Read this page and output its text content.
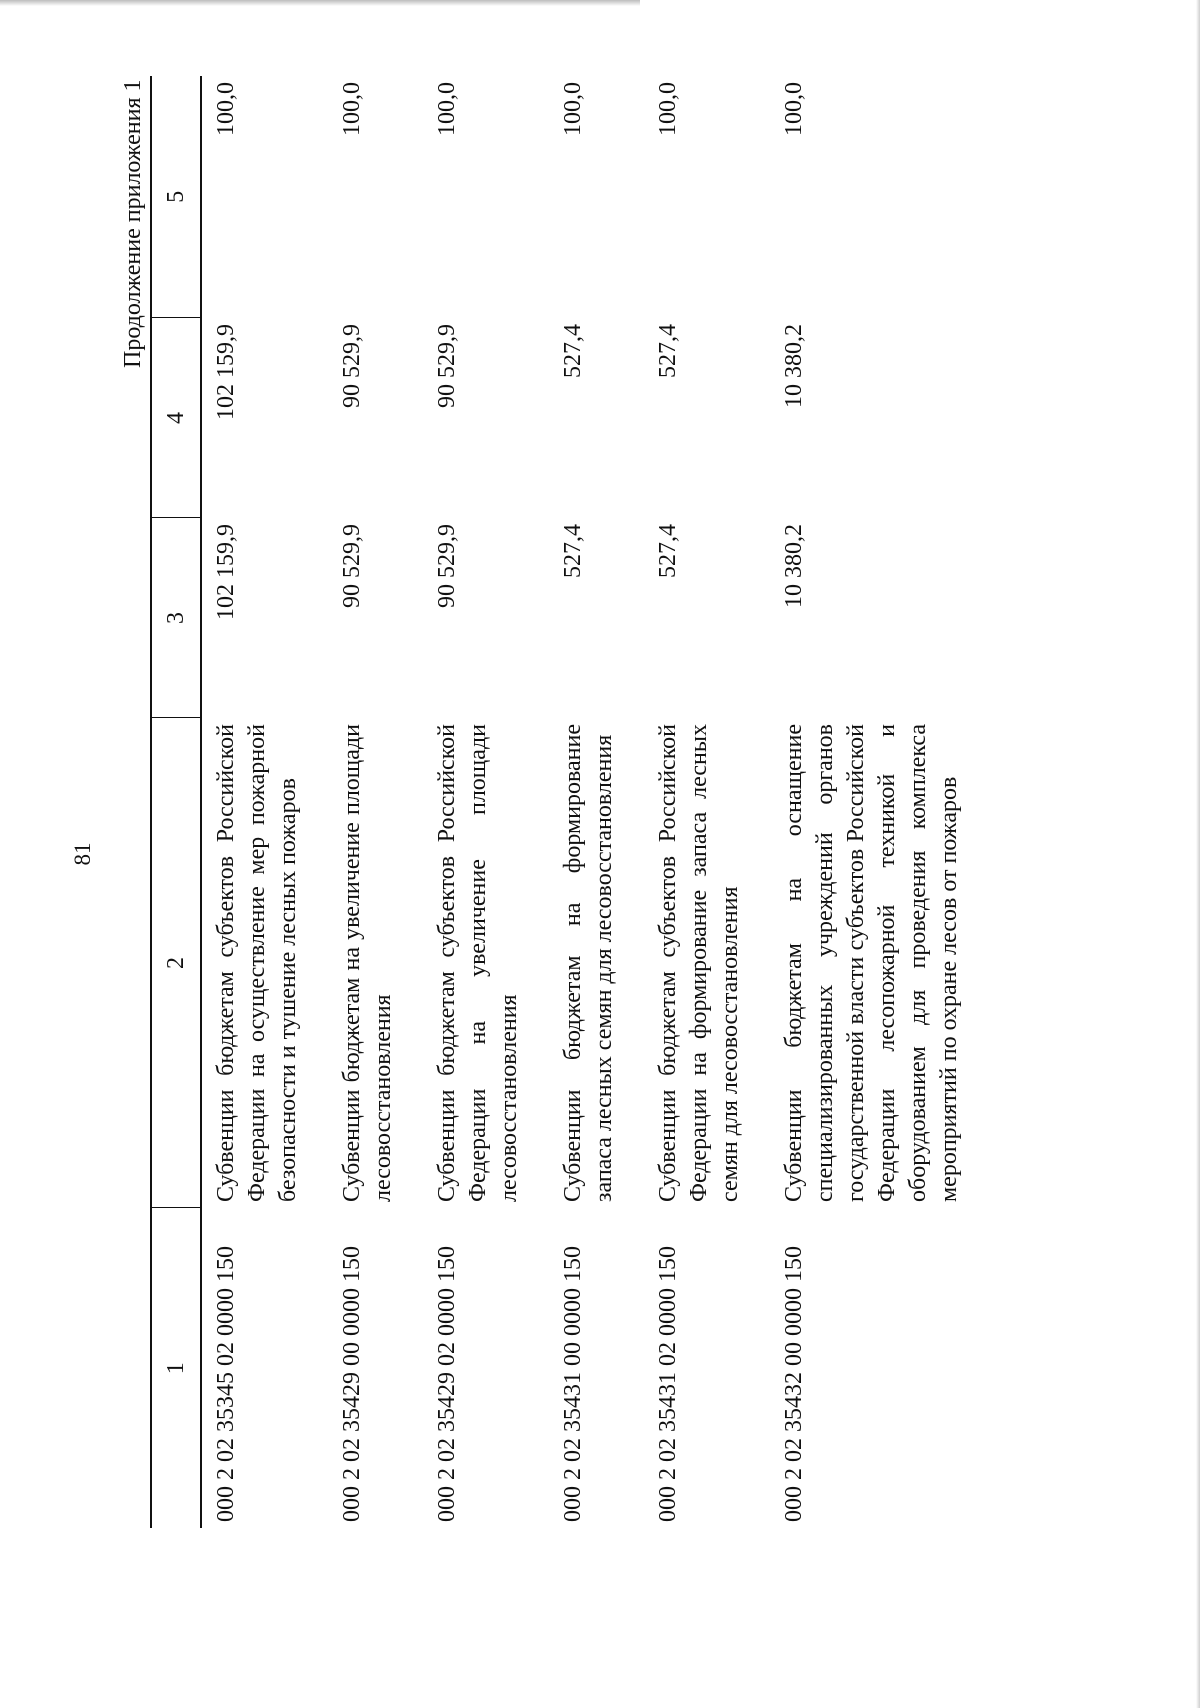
81
Продолжение приложения 1
1	2	3	4	5
000 2 02 35345 02 0000 150	Субвенции бюджетам субъектов Российской Федерации на осуществление мер пожарной безопасности и тушение лесных пожаров	102 159,9	102 159,9	100,0
000 2 02 35429 00 0000 150	Субвенции бюджетам на увеличение площади лесовосстановления	90 529,9	90 529,9	100,0
000 2 02 35429 02 0000 150	Субвенции бюджетам субъектов Российской Федерации на увеличение площади лесовосстановления	90 529,9	90 529,9	100,0
000 2 02 35431 00 0000 150	Субвенции бюджетам на формирование запаса лесных семян для лесовосстановления	527,4	527,4	100,0
000 2 02 35431 02 0000 150	Субвенции бюджетам субъектов Российской Федерации на формирование запаса лесных семян для лесовосстановления	527,4	527,4	100,0
000 2 02 35432 00 0000 150	Субвенции бюджетам на оснащение специализированных учреждений органов государственной власти субъектов Российской Федерации лесопожарной техникой и оборудованием для проведения комплекса мероприятий по охране лесов от пожаров	10 380,2	10 380,2	100,0
